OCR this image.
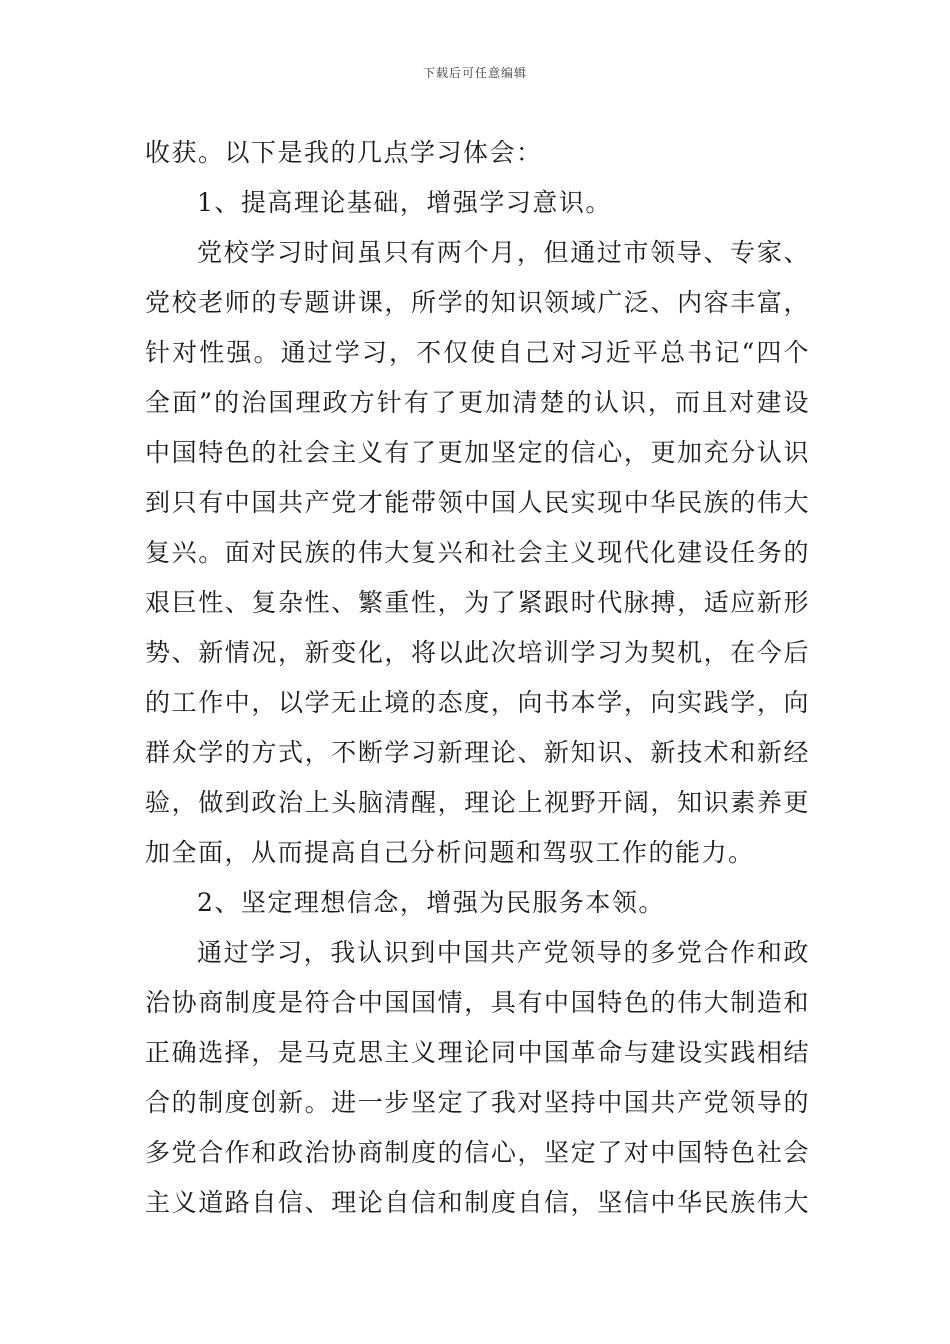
下载后可任意编辑
收获。以下是我的几点学习体会：
1、提高理论基础，增强学习意识。
党校学习时间虽只有两个月，但通过市领导、专家、
党校老师的专题讲课，所学的知识领域广泛、内容丰富，
针对性强。通过学习，不仅使自己对习近平总书记“四个
全面”的治国理政方针有了更加清楚的认识，而且对建设
中国特色的社会主义有了更加坚定的信心，更加充分认识
到只有中国共产党才能带领中国人民实现中华民族的伟大
复兴。面对民族的伟大复兴和社会主义现代化建设任务的
艰巨性、复杂性、繁重性，为了紧跟时代脉搏，适应新形
势、新情况，新变化，将以此次培训学习为契机，在今后
的工作中，以学无止境的态度，向书本学，向实践学，向
群众学的方式，不断学习新理论、新知识、新技术和新经
验，做到政治上头脑清醒，理论上视野开阔，知识素养更
加全面，从而提高自己分析问题和驾驭工作的能力。
2、坚定理想信念，增强为民服务本领。
通过学习，我认识到中国共产党领导的多党合作和政
治协商制度是符合中国国情，具有中国特色的伟大制造和
正确选择，是马克思主义理论同中国革命与建设实践相结
合的制度创新。进一步坚定了我对坚持中国共产党领导的
多党合作和政治协商制度的信心，坚定了对中国特色社会
主义道路自信、理论自信和制度自信，坚信中华民族伟大
